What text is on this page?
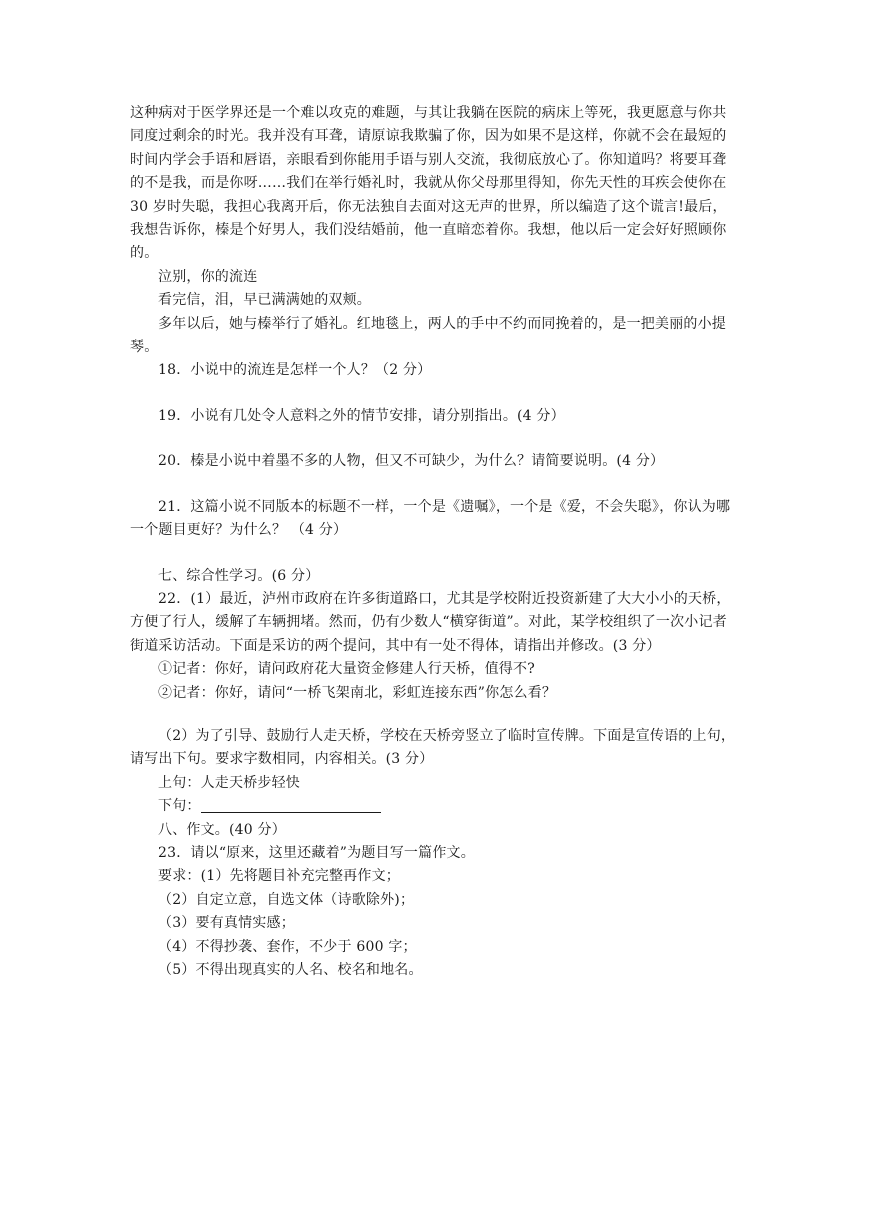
这种病对于医学界还是一个难以攻克的难题，与其让我躺在医院的病床上等死，我更愿意与你共同度过剩余的时光。我并没有耳聋，请原谅我欺骗了你，因为如果不是这样，你就不会在最短的时间内学会手语和唇语，亲眼看到你能用手语与别人交流，我彻底放心了。你知道吗？将要耳聋的不是我，而是你呀……我们在举行婚礼时，我就从你父母那里得知，你先天性的耳疾会使你在 30 岁时失聪，我担心我离开后，你无法独自去面对这无声的世界，所以编造了这个谎言!最后，我想告诉你，榛是个好男人，我们没结婚前，他一直暗恋着你。我想，他以后一定会好好照顾你的。

泣别，你的流连

看完信，泪，早已满满她的双颊。

多年以后，她与榛举行了婚礼。红地毯上，两人的手中不约而同挽着的，是一把美丽的小提琴。

18．小说中的流连是怎样一个人？（2 分）

19．小说有几处令人意料之外的情节安排，请分别指出。(4 分）

20．榛是小说中着墨不多的人物，但又不可缺少，为什么？请简要说明。(4 分）

21．这篇小说不同版本的标题不一样，一个是《遗嘱》，一个是《爱，不会失聪》，你认为哪一个题目更好？为什么？ （4 分）

七、综合性学习。(6 分）

22．(1）最近，泸州市政府在许多街道路口，尤其是学校附近投资新建了大大小小的天桥，方便了行人，缓解了车辆拥堵。然而，仍有少数人“横穿街道”。对此，某学校组织了一次小记者街道采访活动。下面是采访的两个提问，其中有一处不得体，请指出并修改。(3 分）

①记者：你好，请问政府花大量资金修建人行天桥，值得不?

②记者：你好，请问“一桥飞架南北，彩虹连接东西”你怎么看？

（2）为了引导、鼓励行人走天桥，学校在天桥旁竖立了临时宣传牌。下面是宣传语的上句，请写出下句。要求字数相同，内容相关。(3 分）

上句：人走天桥步轻快

下句：

八、作文。(40 分）

23．请以“原来，这里还藏着”为题目写一篇作文。

要求：(1）先将题目补充完整再作文；

（2）自定立意，自选文体（诗歌除外)；

（3）要有真情实感；

（4）不得抄袭、套作，不少于 600 字；

（5）不得出现真实的人名、校名和地名。
